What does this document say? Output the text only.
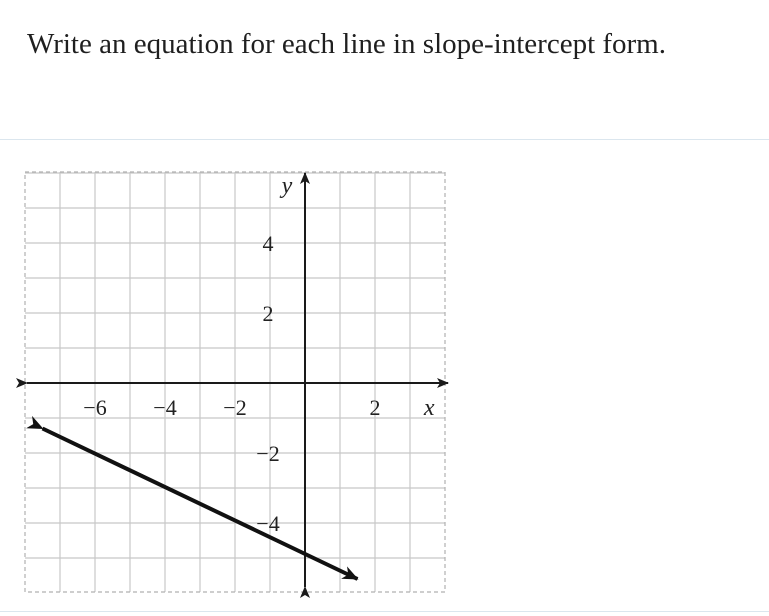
Write an equation for each line in slope-intercept form.

−6 −4 −2	2
4
2
−2
−4
x
y
